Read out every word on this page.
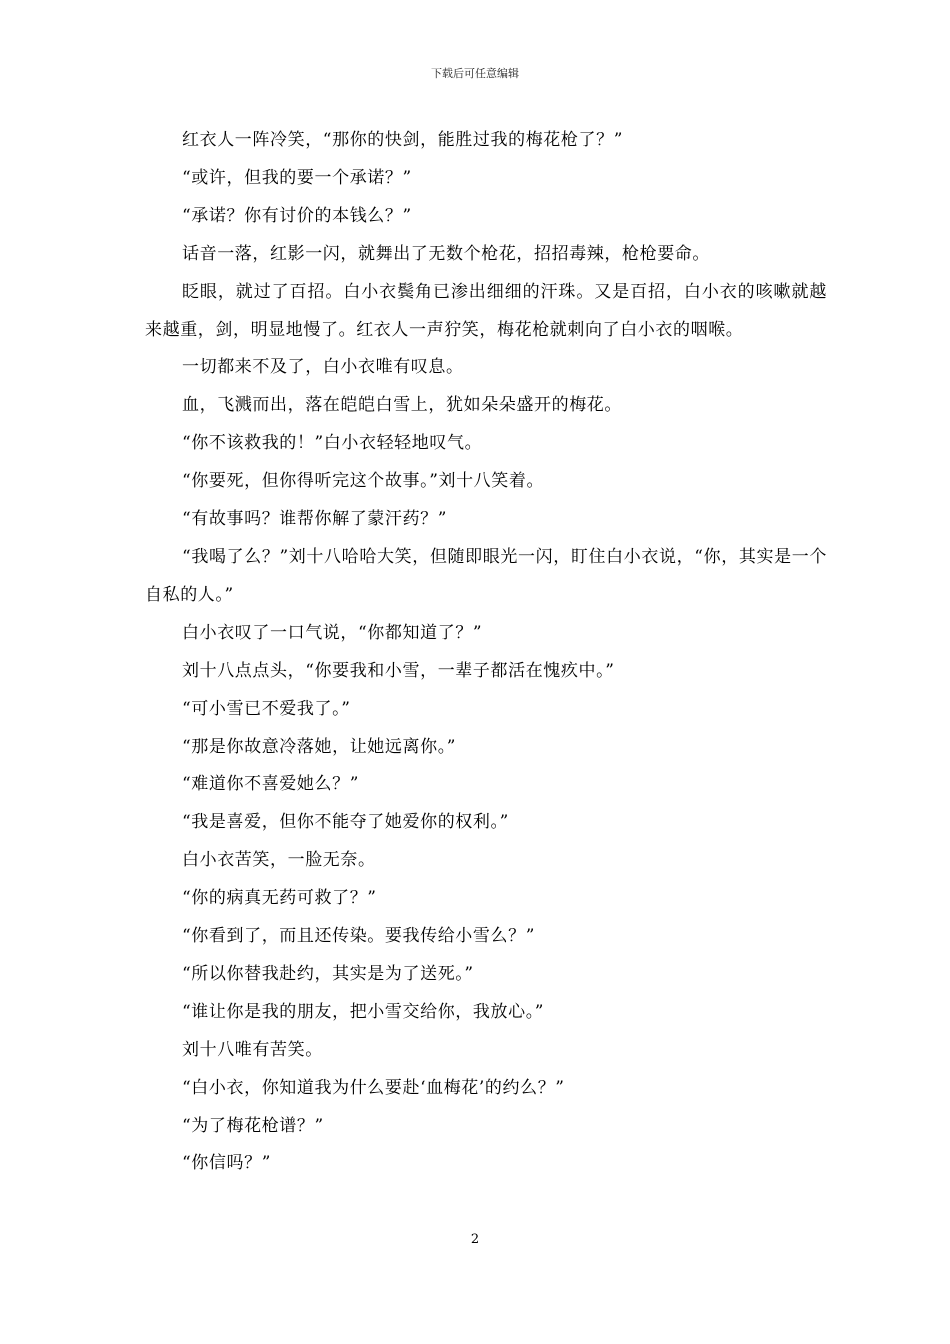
下载后可任意编辑

红衣人一阵冷笑，“那你的快剑，能胜过我的梅花枪了？”

“或许，但我的要一个承诺？”

“承诺？你有讨价的本钱么？”

话音一落，红影一闪，就舞出了无数个枪花，招招毒辣，枪枪要命。

眨眼，就过了百招。白小衣鬓角已渗出细细的汗珠。又是百招，白小衣的咳嗽就越来越重，剑，明显地慢了。红衣人一声狞笑，梅花枪就刺向了白小衣的咽喉。

一切都来不及了，白小衣唯有叹息。

血，飞溅而出，落在皑皑白雪上，犹如朵朵盛开的梅花。

“你不该救我的！”白小衣轻轻地叹气。

“你要死，但你得听完这个故事。”刘十八笑着。

“有故事吗？谁帮你解了蒙汗药？”

“我喝了么？”刘十八哈哈大笑，但随即眼光一闪，盯住白小衣说，“你，其实是一个自私的人。”

白小衣叹了一口气说，“你都知道了？”

刘十八点点头，“你要我和小雪，一辈子都活在愧疚中。”

“可小雪已不爱我了。”

“那是你故意冷落她，让她远离你。”

“难道你不喜爱她么？”

“我是喜爱，但你不能夺了她爱你的权利。”

白小衣苦笑，一脸无奈。

“你的病真无药可救了？”

“你看到了，而且还传染。要我传给小雪么？”

“所以你替我赴约，其实是为了送死。”

“谁让你是我的朋友，把小雪交给你，我放心。”

刘十八唯有苦笑。

“白小衣，你知道我为什么要赴‘血梅花’的约么？”

“为了梅花枪谱？”

“你信吗？”

2
